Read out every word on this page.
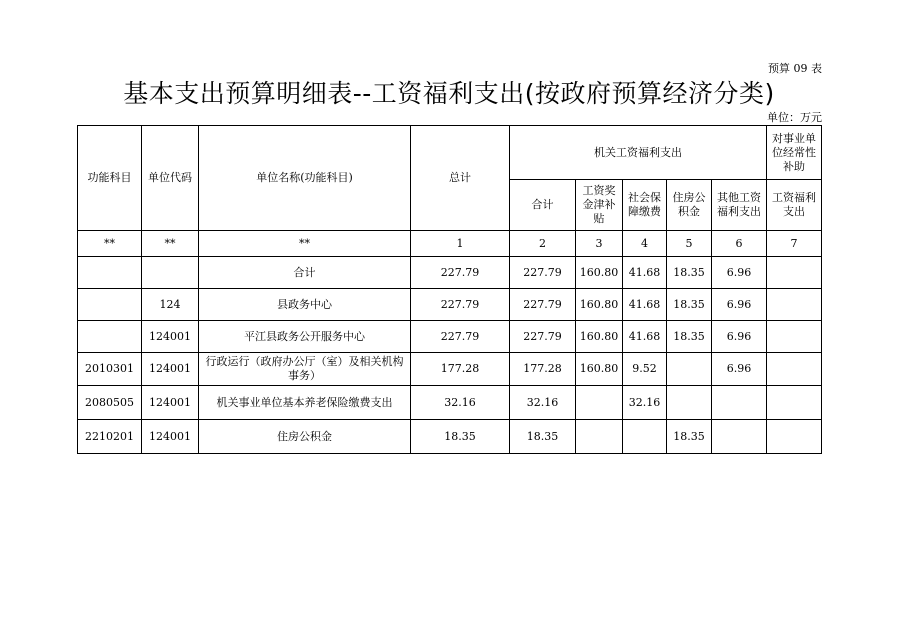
预算 09 表
基本支出预算明细表--工资福利支出(按政府预算经济分类)
单位：万元
功能科目	单位代码	单位名称(功能科目)	总计	机关工资福利支出					对事业单位经常性补助
				合计	工资奖金津补贴	社会保障缴费	住房公积金	其他工资福利支出	工资福利支出
**	**	**	1	2	3	4	5	6	7
		合计	227.79	227.79	160.80	41.68	18.35	6.96	
	124	县政务中心	227.79	227.79	160.80	41.68	18.35	6.96	
	124001	平江县政务公开服务中心	227.79	227.79	160.80	41.68	18.35	6.96	
2010301	124001	行政运行（政府办公厅（室）及相关机构事务）	177.28	177.28	160.80	9.52		6.96	
2080505	124001	机关事业单位基本养老保险缴费支出	32.16	32.16		32.16			
2210201	124001	住房公积金	18.35	18.35			18.35		
